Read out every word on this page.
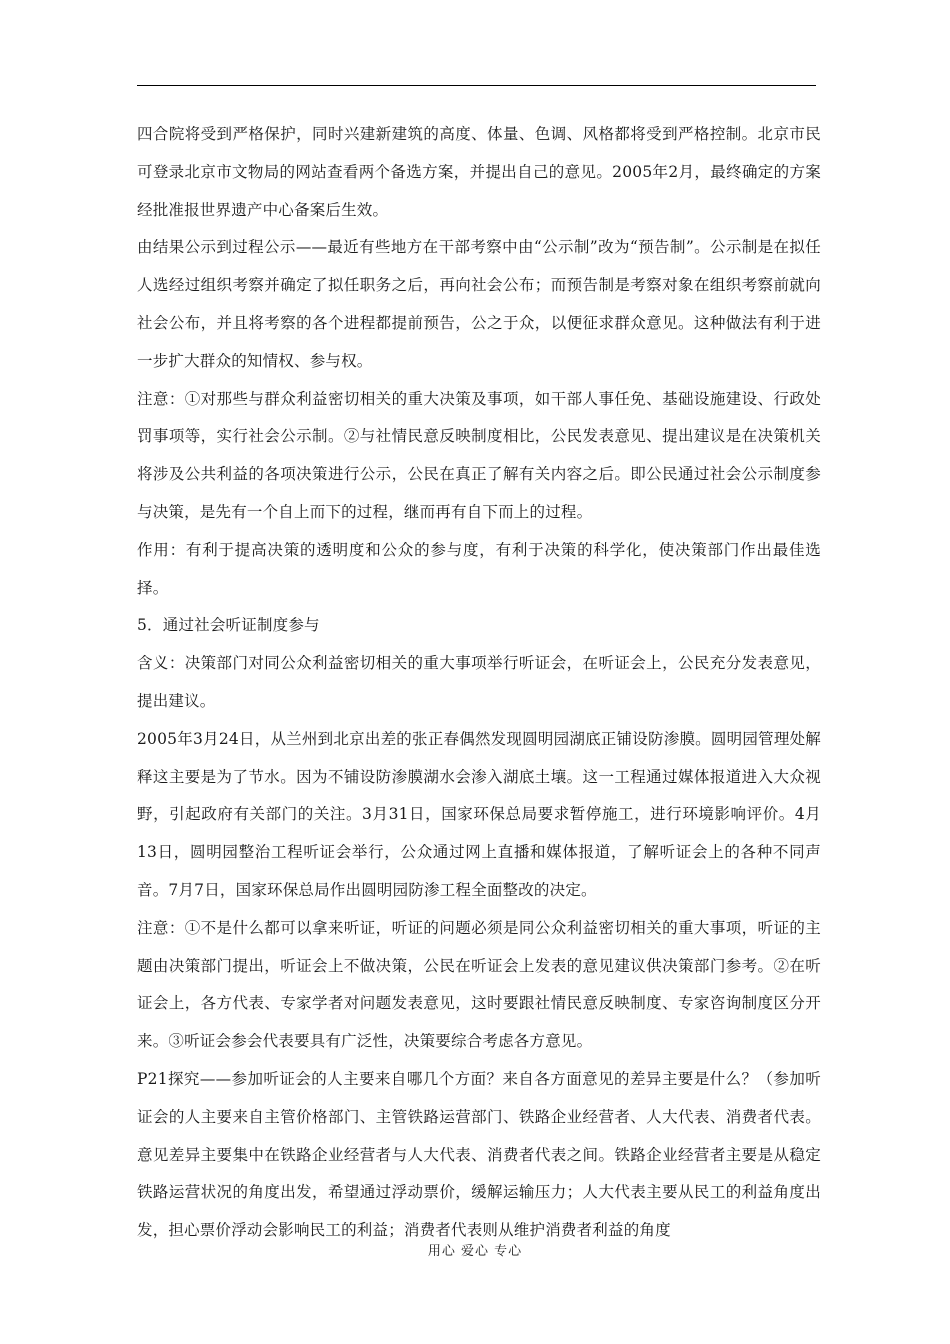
四合院将受到严格保护，同时兴建新建筑的高度、体量、色调、风格都将受到严格控制。北京市民可登录北京市文物局的网站查看两个备选方案，并提出自己的意见。2005年2月，最终确定的方案经批准报世界遗产中心备案后生效。

由结果公示到过程公示——最近有些地方在干部考察中由“公示制”改为“预告制”。公示制是在拟任人选经过组织考察并确定了拟任职务之后，再向社会公布；而预告制是考察对象在组织考察前就向社会公布，并且将考察的各个进程都提前预告，公之于众，以便征求群众意见。这种做法有利于进一步扩大群众的知情权、参与权。

注意：①对那些与群众利益密切相关的重大决策及事项，如干部人事任免、基础设施建设、行政处罚事项等，实行社会公示制。②与社情民意反映制度相比，公民发表意见、提出建议是在决策机关将涉及公共利益的各项决策进行公示，公民在真正了解有关内容之后。即公民通过社会公示制度参与决策，是先有一个自上而下的过程，继而再有自下而上的过程。

作用：有利于提高决策的透明度和公众的参与度，有利于决策的科学化，使决策部门作出最佳选择。

5．通过社会听证制度参与

含义：决策部门对同公众利益密切相关的重大事项举行听证会，在听证会上，公民充分发表意见，提出建议。

2005年3月24日，从兰州到北京出差的张正春偶然发现圆明园湖底正铺设防渗膜。圆明园管理处解释这主要是为了节水。因为不铺设防渗膜湖水会渗入湖底土壤。这一工程通过媒体报道进入大众视野，引起政府有关部门的关注。3月31日，国家环保总局要求暂停施工，进行环境影响评价。4月13日，圆明园整治工程听证会举行，公众通过网上直播和媒体报道，了解听证会上的各种不同声音。7月7日，国家环保总局作出圆明园防渗工程全面整改的决定。

注意：①不是什么都可以拿来听证，听证的问题必须是同公众利益密切相关的重大事项，听证的主题由决策部门提出，听证会上不做决策，公民在听证会上发表的意见建议供决策部门参考。②在听证会上，各方代表、专家学者对问题发表意见，这时要跟社情民意反映制度、专家咨询制度区分开来。③听证会参会代表要具有广泛性，决策要综合考虑各方意见。

P21探究——参加听证会的人主要来自哪几个方面？来自各方面意见的差异主要是什么？（参加听证会的人主要来自主管价格部门、主管铁路运营部门、铁路企业经营者、人大代表、消费者代表。意见差异主要集中在铁路企业经营者与人大代表、消费者代表之间。铁路企业经营者主要是从稳定铁路运营状况的角度出发，希望通过浮动票价，缓解运输压力；人大代表主要从民工的利益角度出发，担心票价浮动会影响民工的利益；消费者代表则从维护消费者利益的角度

用心 爱心 专心
